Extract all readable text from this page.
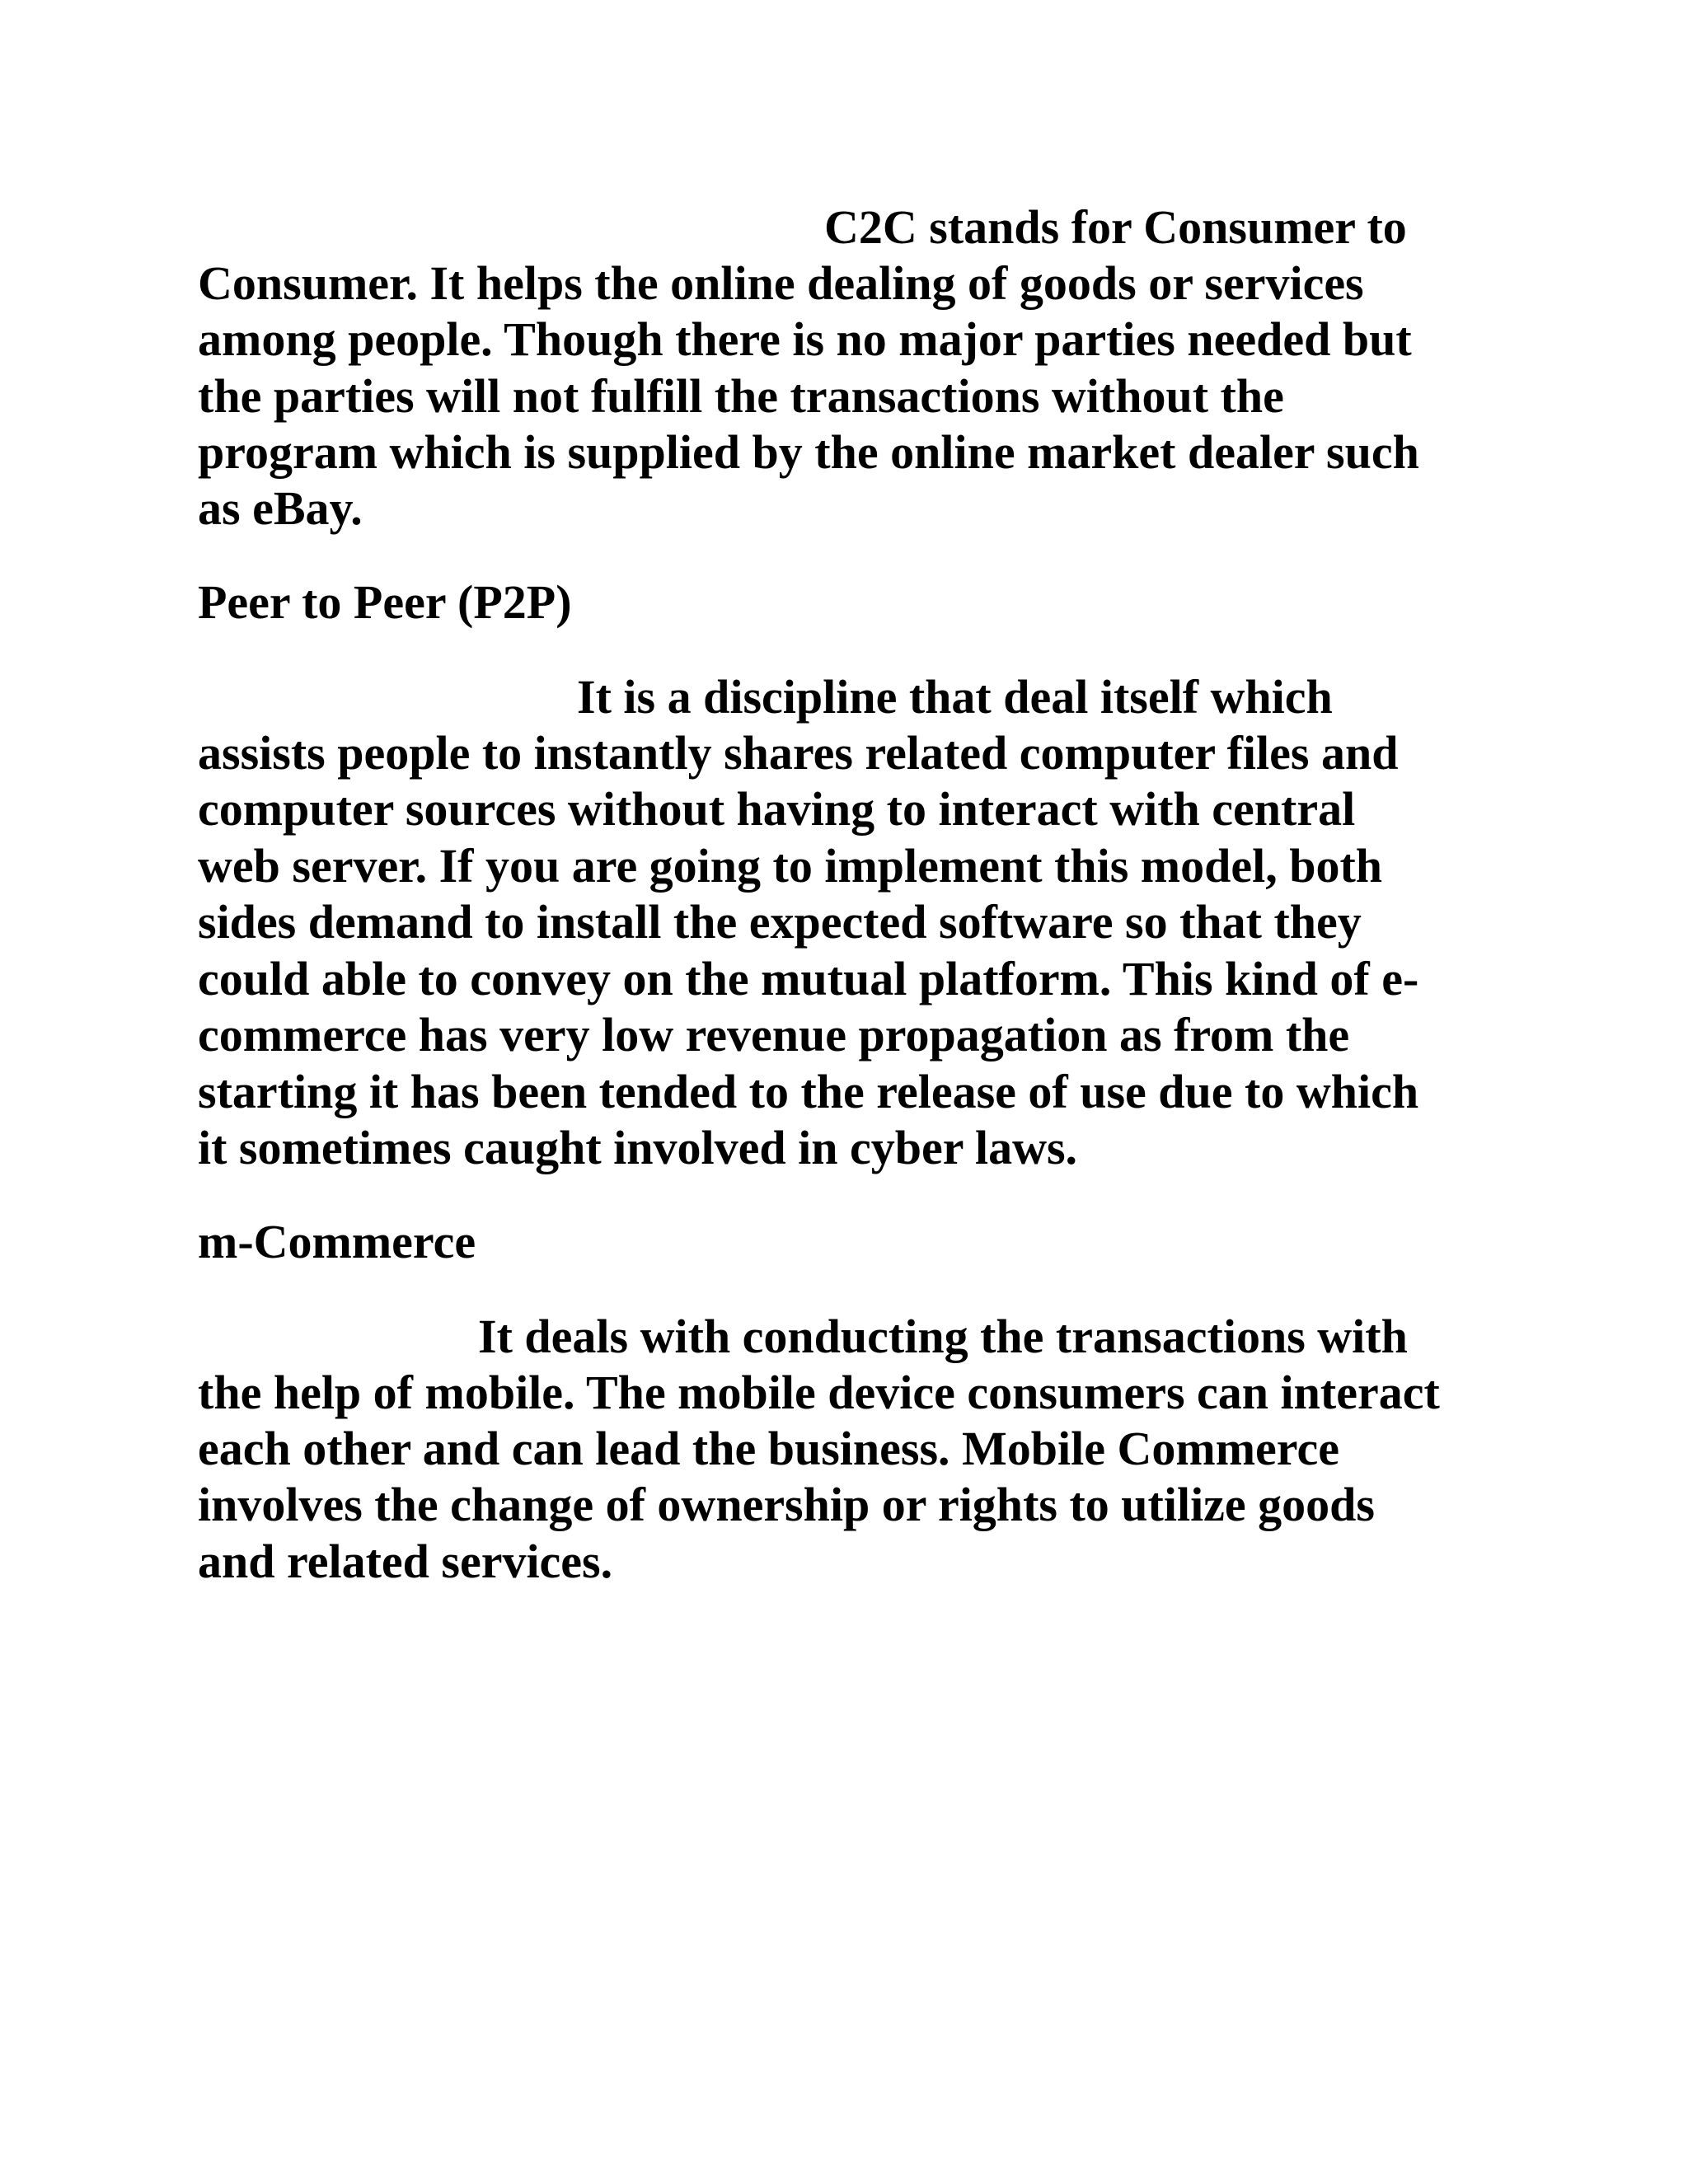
C2C stands for Consumer to

Consumer. It helps the online dealing of goods or services

among people. Though there is no major parties needed but

the parties will not fulfill the transactions without the

program which is supplied by the online market dealer such

as eBay.

Peer to Peer (P2P)

It is a discipline that deal itself which

assists people to instantly shares related computer files and

computer sources without having to interact with central

web server. If you are going to implement this model, both

sides demand to install the expected software so that they

could able to convey on the mutual platform. This kind of e-

commerce has very low revenue propagation as from the

starting it has been tended to the release of use due to which

it sometimes caught involved in cyber laws.

m-Commerce

It deals with conducting the transactions with

the help of mobile. The mobile device consumers can interact

each other and can lead the business. Mobile Commerce

involves the change of ownership or rights to utilize goods

and related services.
